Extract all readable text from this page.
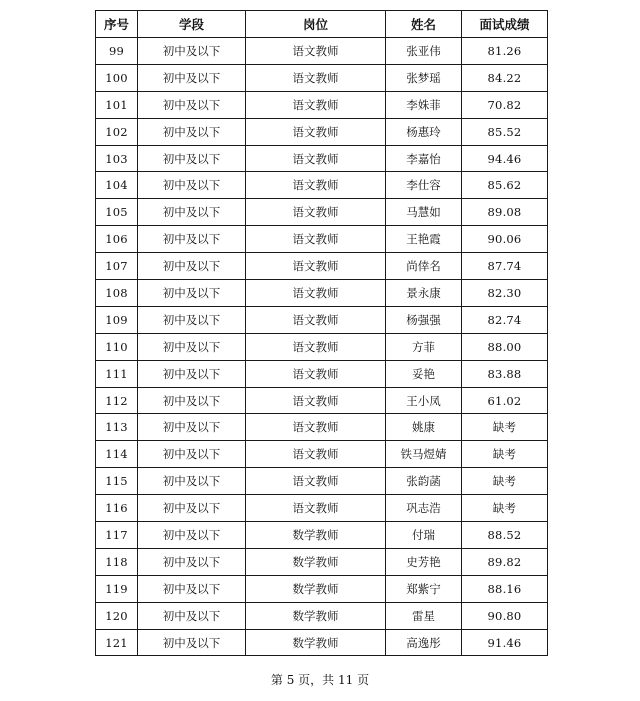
序号	学段	岗位	姓名	面试成绩
99	初中及以下	语文教师	张亚伟	81.26
100	初中及以下	语文教师	张梦瑶	84.22
101	初中及以下	语文教师	李姝菲	70.82
102	初中及以下	语文教师	杨惠玲	85.52
103	初中及以下	语文教师	李嘉怡	94.46
104	初中及以下	语文教师	李仕容	85.62
105	初中及以下	语文教师	马慧如	89.08
106	初中及以下	语文教师	王艳霞	90.06
107	初中及以下	语文教师	尚倖名	87.74
108	初中及以下	语文教师	景永康	82.30
109	初中及以下	语文教师	杨强强	82.74
110	初中及以下	语文教师	方菲	88.00
111	初中及以下	语文教师	妥艳	83.88
112	初中及以下	语文教师	王小凤	61.02
113	初中及以下	语文教师	姚康	缺考
114	初中及以下	语文教师	铁马煜婧	缺考
115	初中及以下	语文教师	张韵菡	缺考
116	初中及以下	语文教师	巩志浩	缺考
117	初中及以下	数学教师	付瑞	88.52
118	初中及以下	数学教师	史芳艳	89.82
119	初中及以下	数学教师	郑紫宁	88.16
120	初中及以下	数学教师	雷星	90.80
121	初中及以下	数学教师	高逸彤	91.46
第 5 页，共 11 页
